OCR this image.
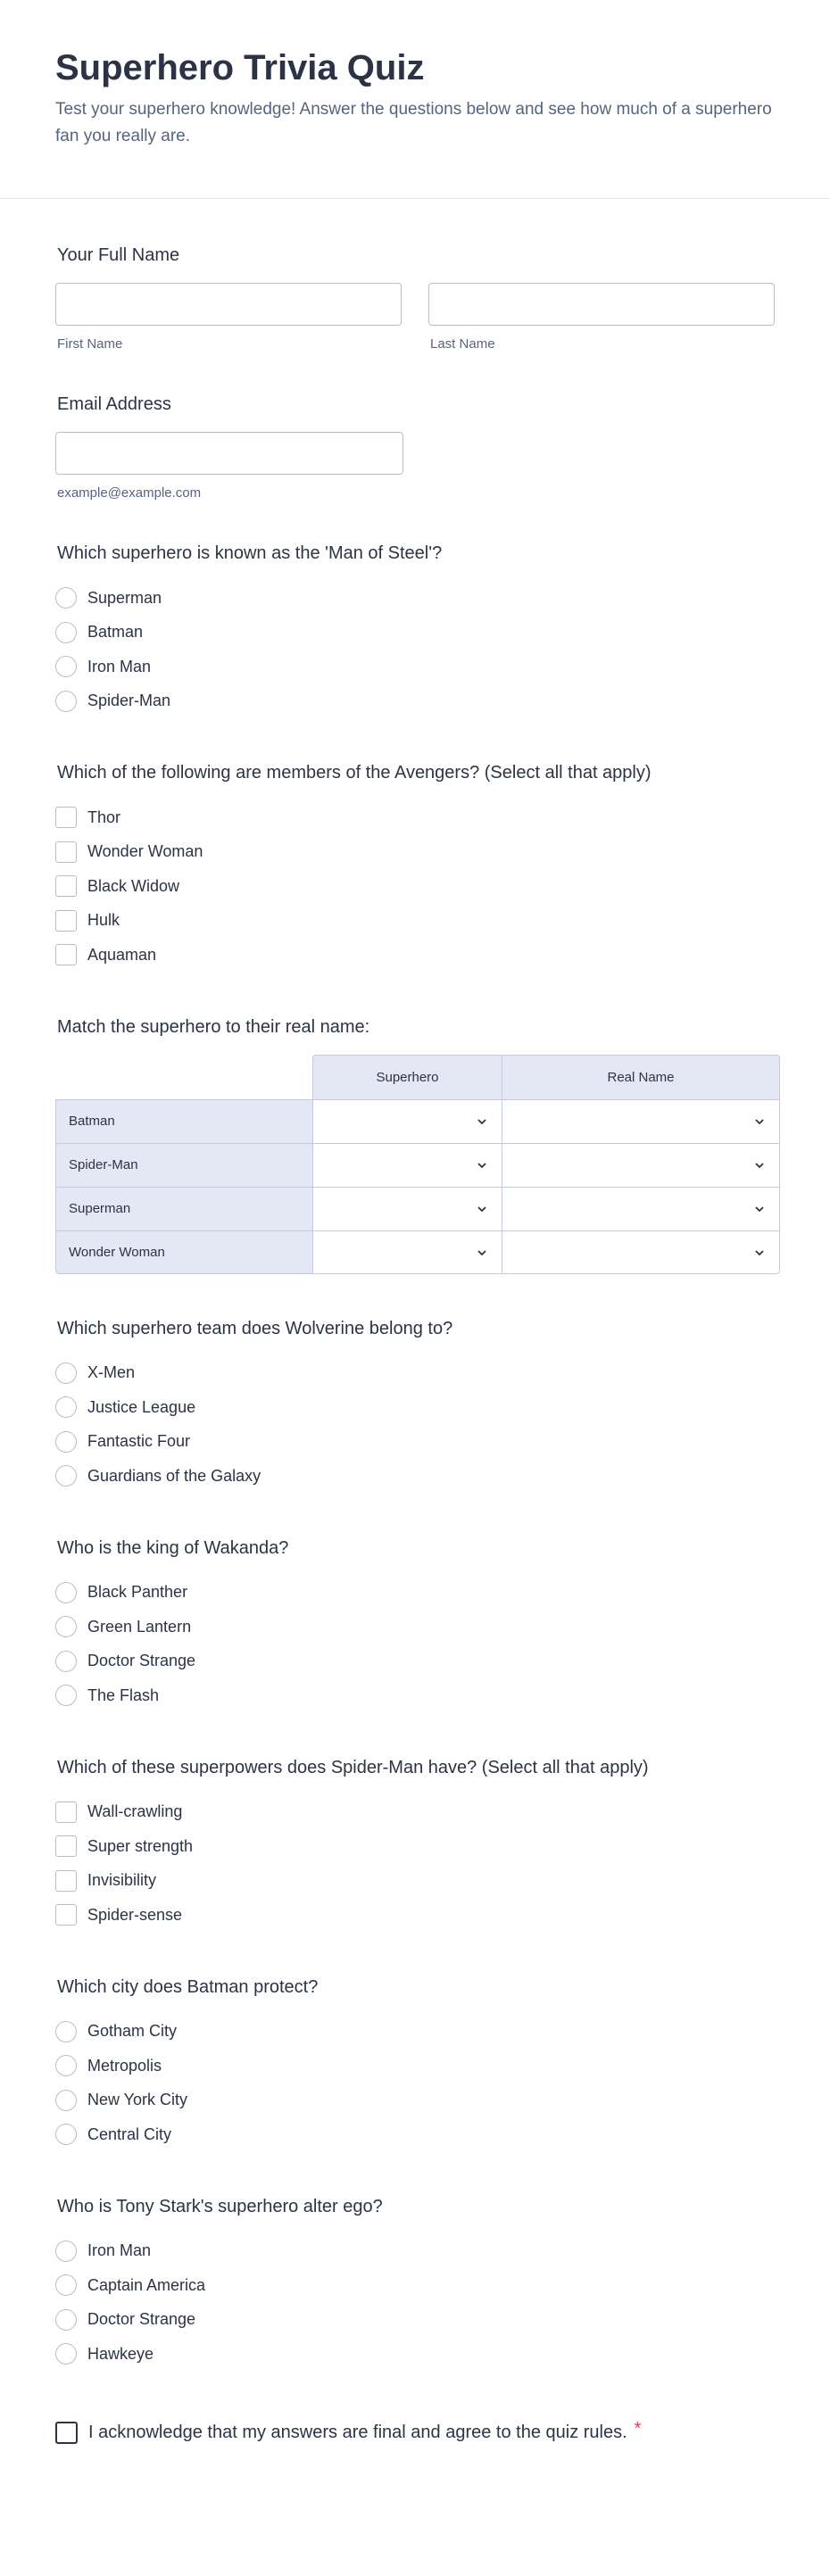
Superhero Trivia Quiz

Test your superhero knowledge! Answer the questions below and see how much of a superhero fan you really are.

Your Full Name
First Name	Last Name
Email Address
example@example.com
Which superhero is known as the 'Man of Steel'?
Superman
Batman
Iron Man
Spider-Man
Which of the following are members of the Avengers? (Select all that apply)
Thor
Wonder Woman
Black Widow
Hulk
Aquaman
Match the superhero to their real name:
	Superhero	Real Name
Batman	

Spider-Man	

Superman	

Wonder Woman	

Which superhero team does Wolverine belong to?
X-Men
Justice League
Fantastic Four
Guardians of the Galaxy
Who is the king of Wakanda?
Black Panther
Green Lantern
Doctor Strange
The Flash
Which of these superpowers does Spider-Man have? (Select all that apply)
Wall-crawling
Super strength
Invisibility
Spider-sense
Which city does Batman protect?
Gotham City
Metropolis
New York City
Central City
Who is Tony Stark's superhero alter ego?
Iron Man
Captain America
Doctor Strange
Hawkeye
I acknowledge that my answers are final and agree to the quiz rules. *
